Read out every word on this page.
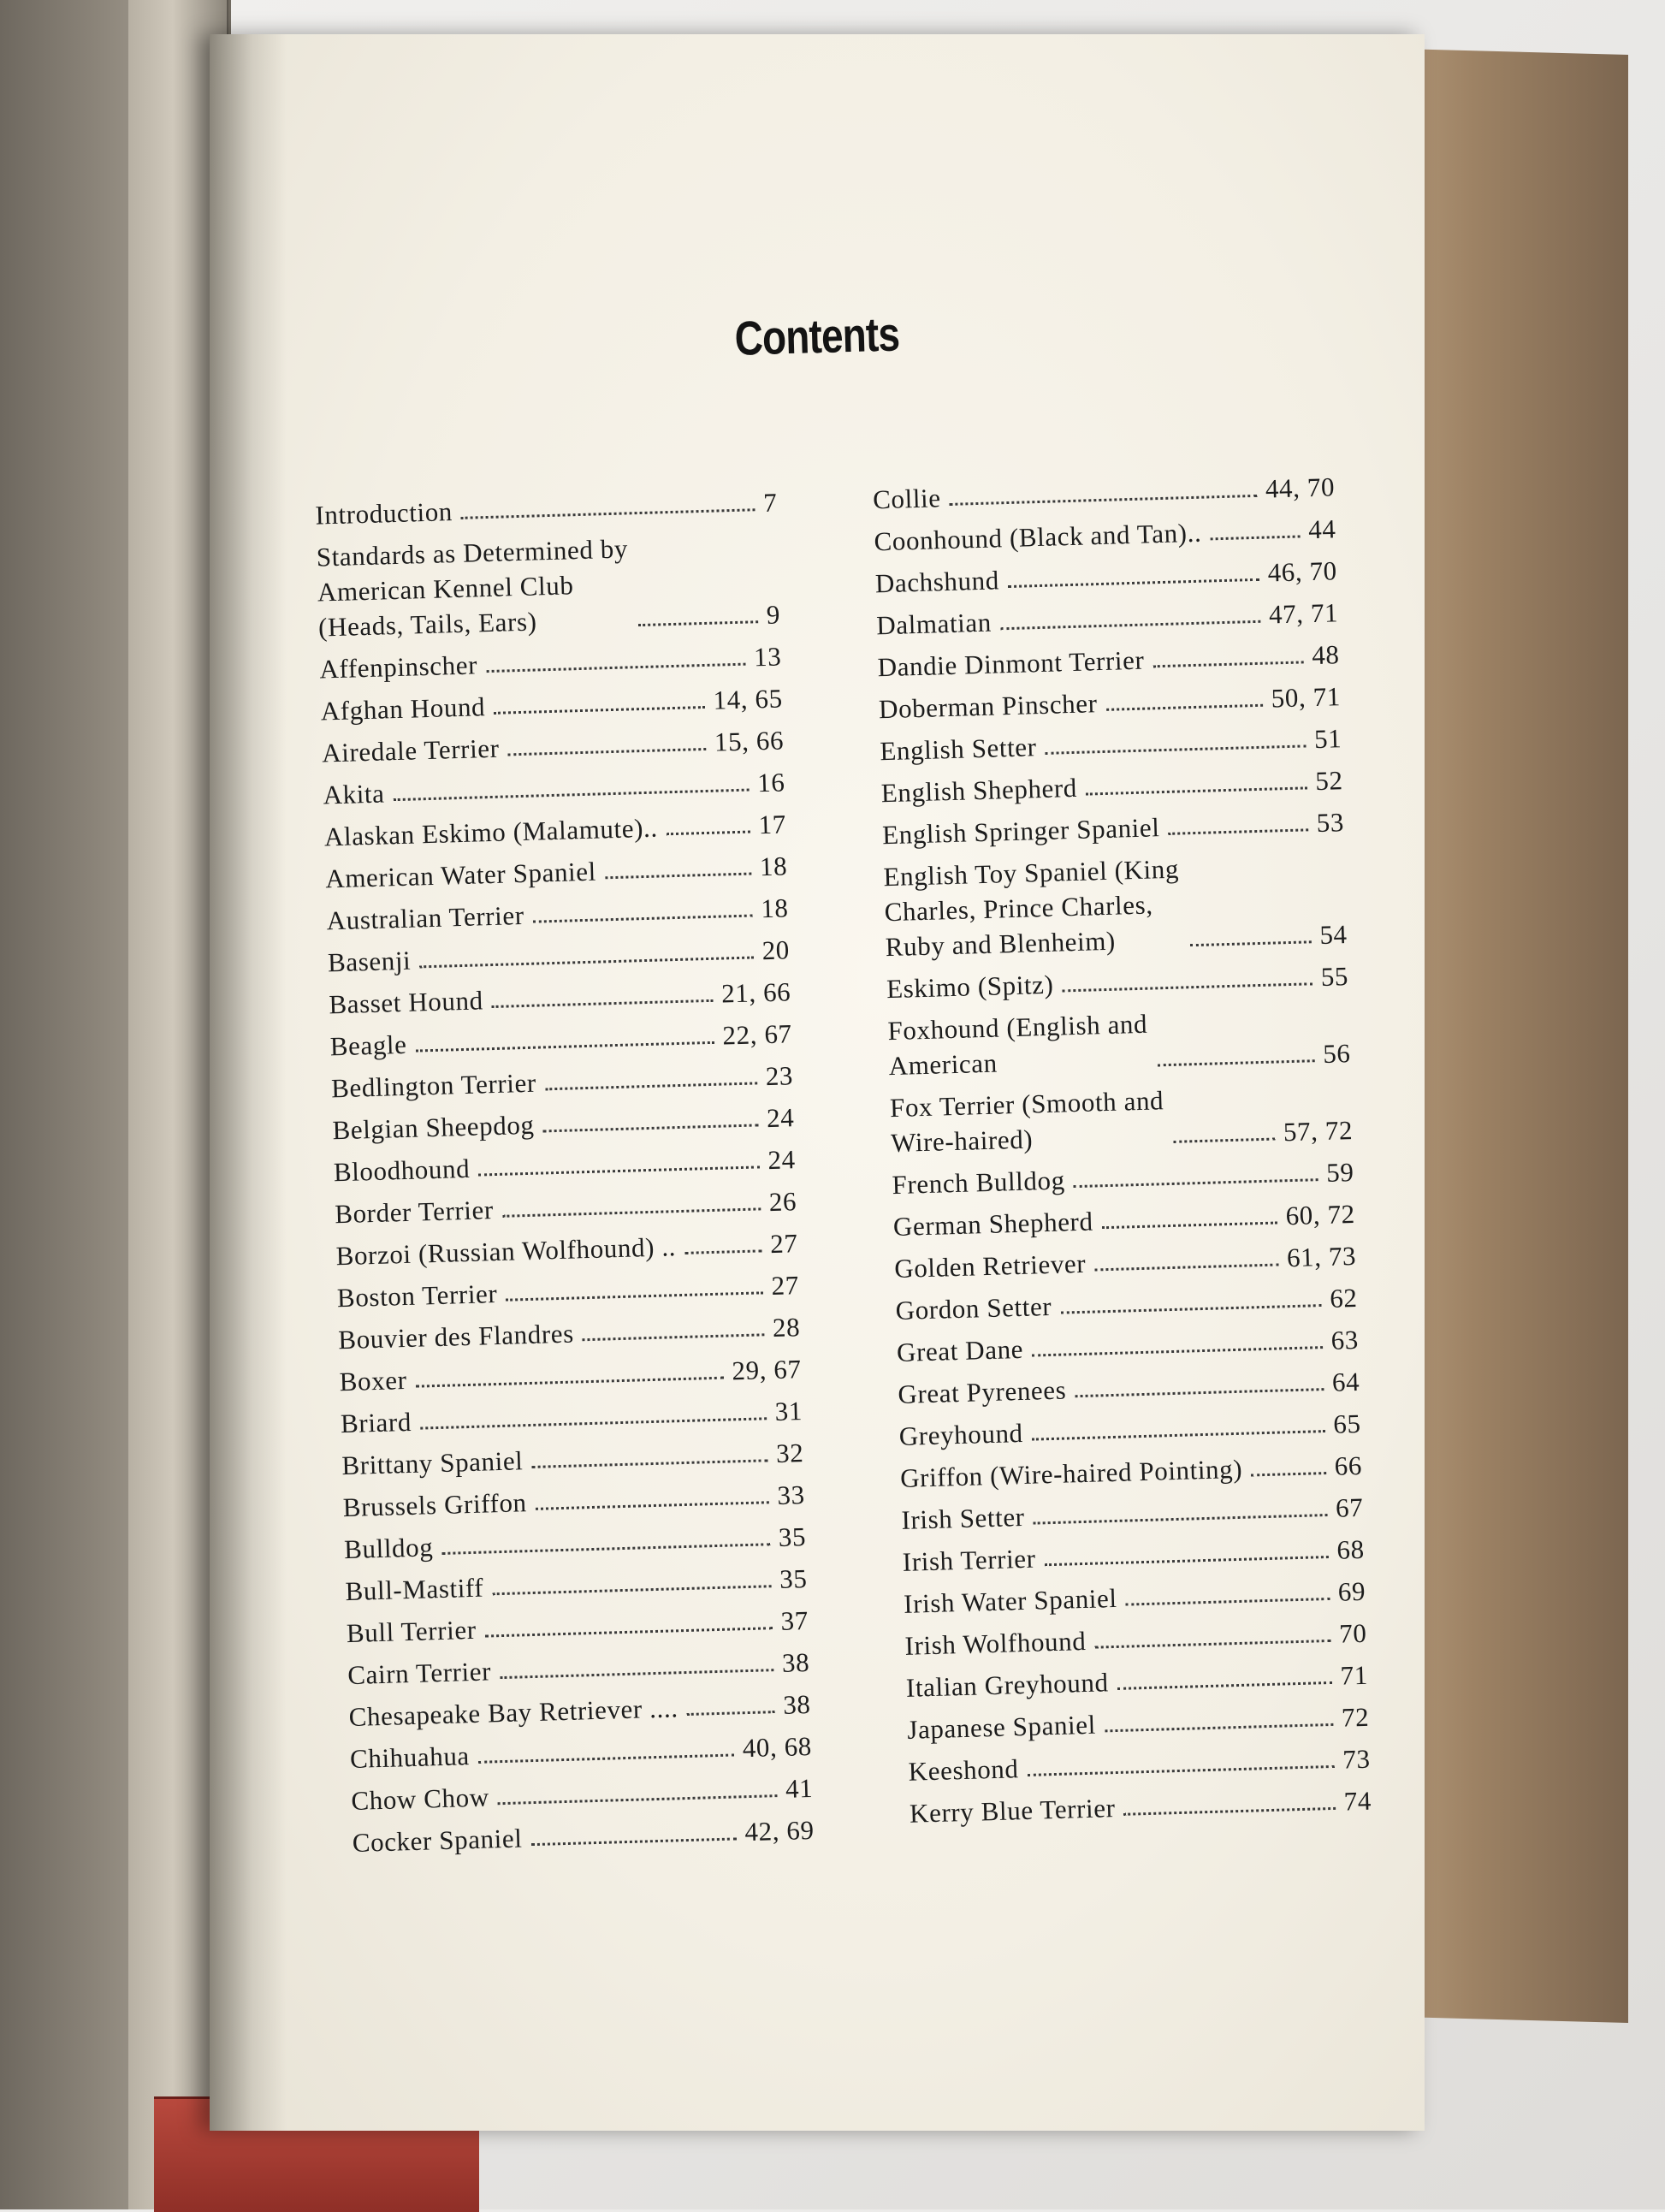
Contents
Introduction	7
Standards as Determined by
American Kennel Club
(Heads, Tails, Ears)	9
Affenpinscher	13
Afghan Hound	14, 65
Airedale Terrier	15, 66
Akita	16
Alaskan Eskimo (Malamute)..	17
American Water Spaniel	18
Australian Terrier	18
Basenji	20
Basset Hound	21, 66
Beagle	22, 67
Bedlington Terrier	23
Belgian Sheepdog	24
Bloodhound	24
Border Terrier	26
Borzoi (Russian Wolfhound) ..	27
Boston Terrier	27
Bouvier des Flandres	28
Boxer	29, 67
Briard	31
Brittany Spaniel	32
Brussels Griffon	33
Bulldog	35
Bull-Mastiff	35
Bull Terrier	37
Cairn Terrier	38
Chesapeake Bay Retriever ....	38
Chihuahua	40, 68
Chow Chow	41
Cocker Spaniel	42, 69
Collie	44, 70
Coonhound (Black and Tan)..	44
Dachshund	46, 70
Dalmatian	47, 71
Dandie Dinmont Terrier	48
Doberman Pinscher	50, 71
English Setter	51
English Shepherd	52
English Springer Spaniel	53
English Toy Spaniel (King
Charles, Prince Charles,
Ruby and Blenheim)	54
Eskimo (Spitz)	55
Foxhound (English and
American	56
Fox Terrier (Smooth and
Wire-haired)	57, 72
French Bulldog	59
German Shepherd	60, 72
Golden Retriever	61, 73
Gordon Setter	62
Great Dane	63
Great Pyrenees	64
Greyhound	65
Griffon (Wire-haired Pointing)	66
Irish Setter	67
Irish Terrier	68
Irish Water Spaniel	69
Irish Wolfhound	70
Italian Greyhound	71
Japanese Spaniel	72
Keeshond	73
Kerry Blue Terrier	74
